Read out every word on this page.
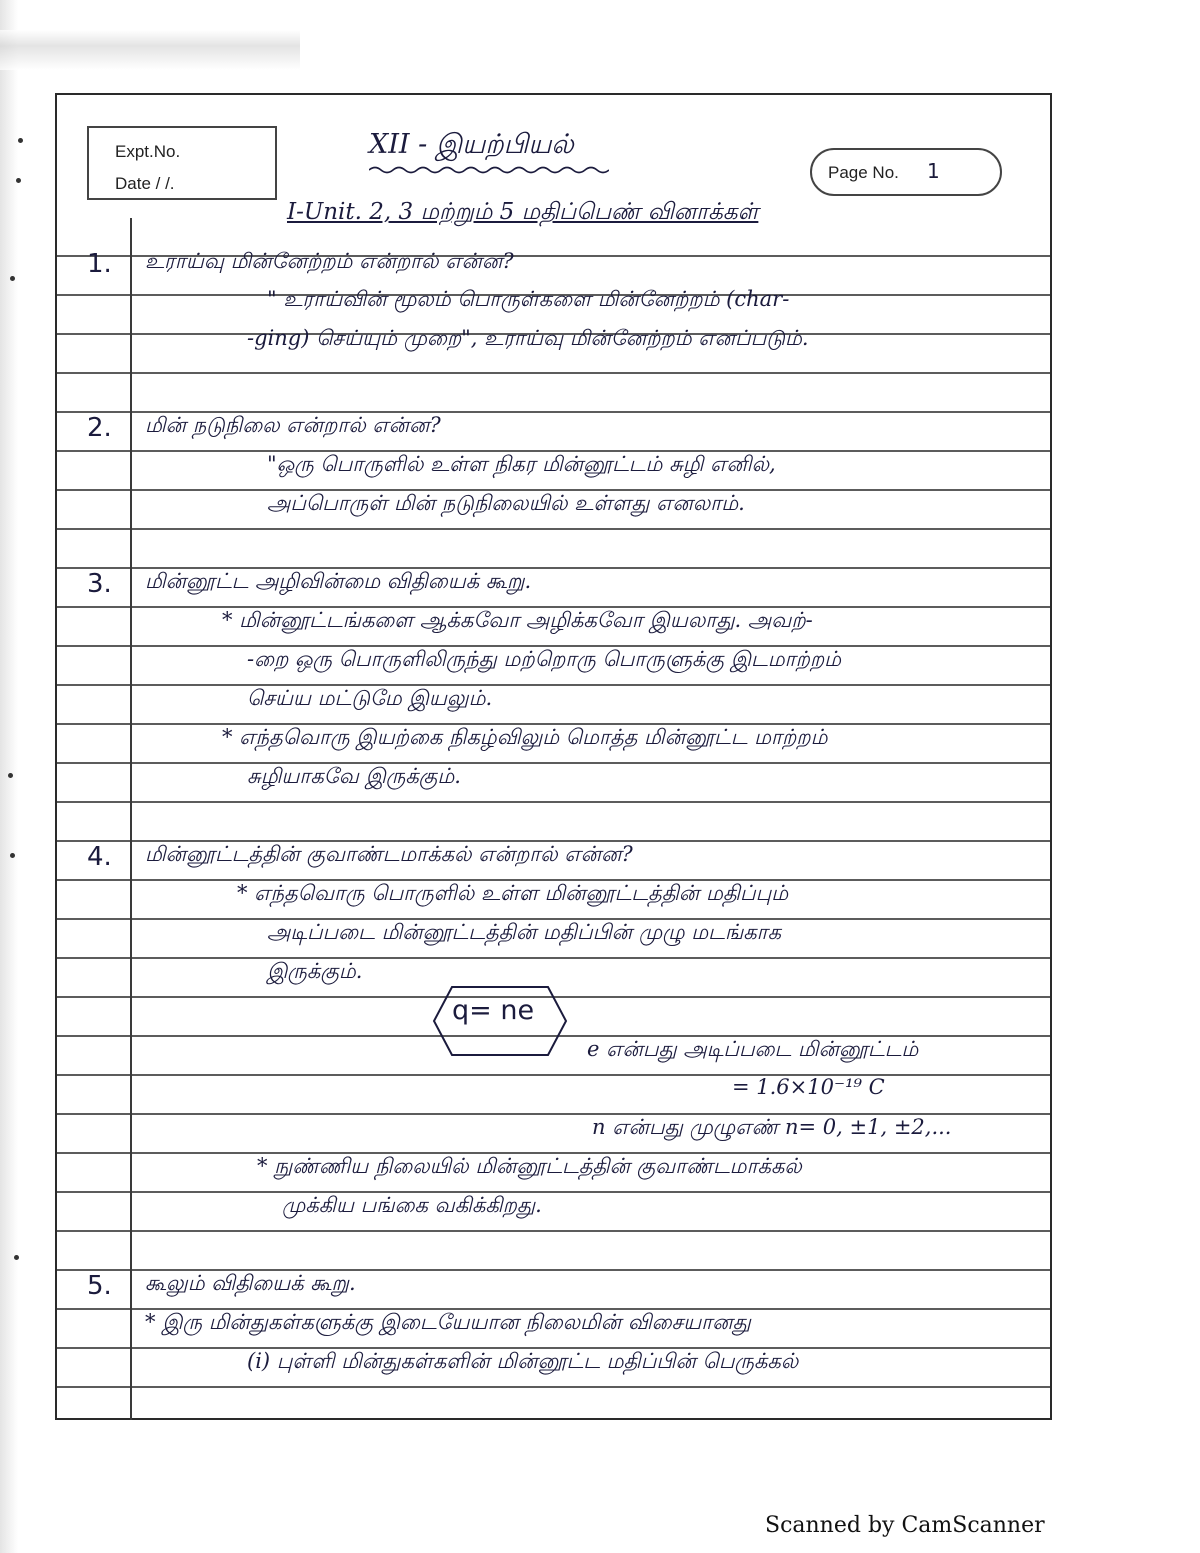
Expt.No.
Date / /.
Page No. 1
XII - இயற்பியல்
I-Unit. 2, 3 மற்றும் 5 மதிப்பெண் வினாக்கள்
1. உராய்வு மின்னேற்றம் என்றால் என்ன?
" உராய்வின் மூலம் பொருள்களை மின்னேற்றம் (char-
-ging) செய்யும் முறை", உராய்வு மின்னேற்றம் எனப்படும்.
2. மின் நடுநிலை என்றால் என்ன?
"ஒரு பொருளில் உள்ள நிகர மின்னூட்டம் சுழி எனில்,
அப்பொருள் மின் நடுநிலையில் உள்ளது எனலாம்.
3. மின்னூட்ட அழிவின்மை விதியைக் கூறு.
* மின்னூட்டங்களை ஆக்கவோ அழிக்கவோ இயலாது. அவற்-
-றை ஒரு பொருளிலிருந்து மற்றொரு பொருளுக்கு இடமாற்றம்
செய்ய மட்டுமே இயலும்.
* எந்தவொரு இயற்கை நிகழ்விலும் மொத்த மின்னூட்ட மாற்றம்
சுழியாகவே இருக்கும்.
4. மின்னூட்டத்தின் குவாண்டமாக்கல் என்றால் என்ன?
* எந்தவொரு பொருளில் உள்ள மின்னூட்டத்தின் மதிப்பும்
அடிப்படை மின்னூட்டத்தின் மதிப்பின் முழு மடங்காக
இருக்கும்.
q= ne
e என்பது அடிப்படை மின்னூட்டம்
= 1.6×10⁻¹⁹ C
n என்பது முழுஎண் n= 0, ±1, ±2,...
* நுண்ணிய நிலையில் மின்னூட்டத்தின் குவாண்டமாக்கல்
முக்கிய பங்கை வகிக்கிறது.
5. கூலும் விதியைக் கூறு.
* இரு மின்துகள்களுக்கு இடையேயான நிலைமின் விசையானது
(i) புள்ளி மின்துகள்களின் மின்னூட்ட மதிப்பின் பெருக்கல்
Scanned by CamScanner
